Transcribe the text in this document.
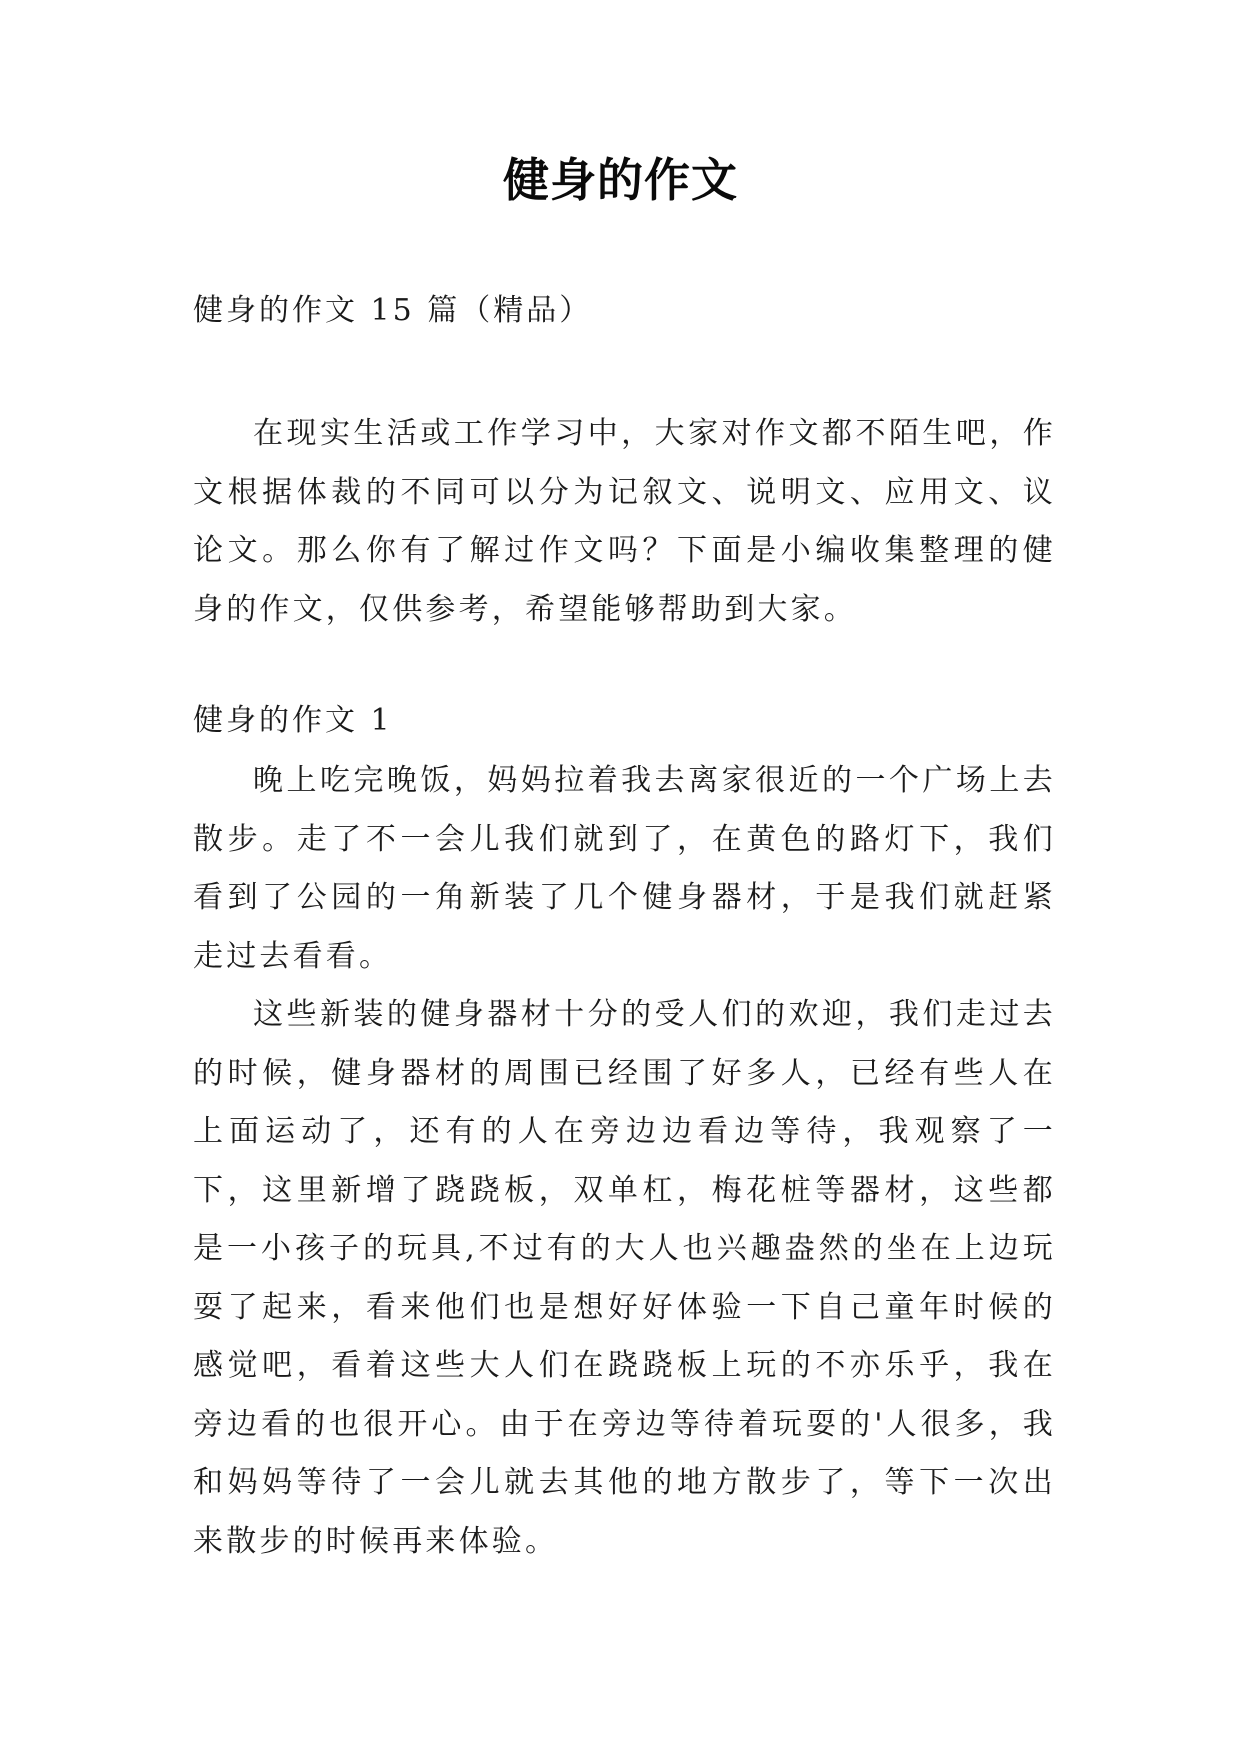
健身的作文
健身的作文 15 篇（精品）

在现实生活或工作学习中，大家对作文都不陌生吧，作文根据体裁的不同可以分为记叙文、说明文、应用文、议论文。那么你有了解过作文吗？下面是小编收集整理的健身的作文，仅供参考，希望能够帮助到大家。

健身的作文 1

晚上吃完晚饭，妈妈拉着我去离家很近的一个广场上去散步。走了不一会儿我们就到了，在黄色的路灯下，我们看到了公园的一角新装了几个健身器材，于是我们就赶紧走过去看看。

这些新装的健身器材十分的受人们的欢迎，我们走过去的时候，健身器材的周围已经围了好多人，已经有些人在上面运动了，还有的人在旁边边看边等待，我观察了一下，这里新增了跷跷板，双单杠，梅花桩等器材，这些都是一小孩子的玩具,不过有的大人也兴趣盎然的坐在上边玩耍了起来，看来他们也是想好好体验一下自己童年时候的感觉吧，看着这些大人们在跷跷板上玩的不亦乐乎，我在旁边看的也很开心。由于在旁边等待着玩耍的'人很多，我和妈妈等待了一会儿就去其他的地方散步了，等下一次出来散步的时候再来体验。
